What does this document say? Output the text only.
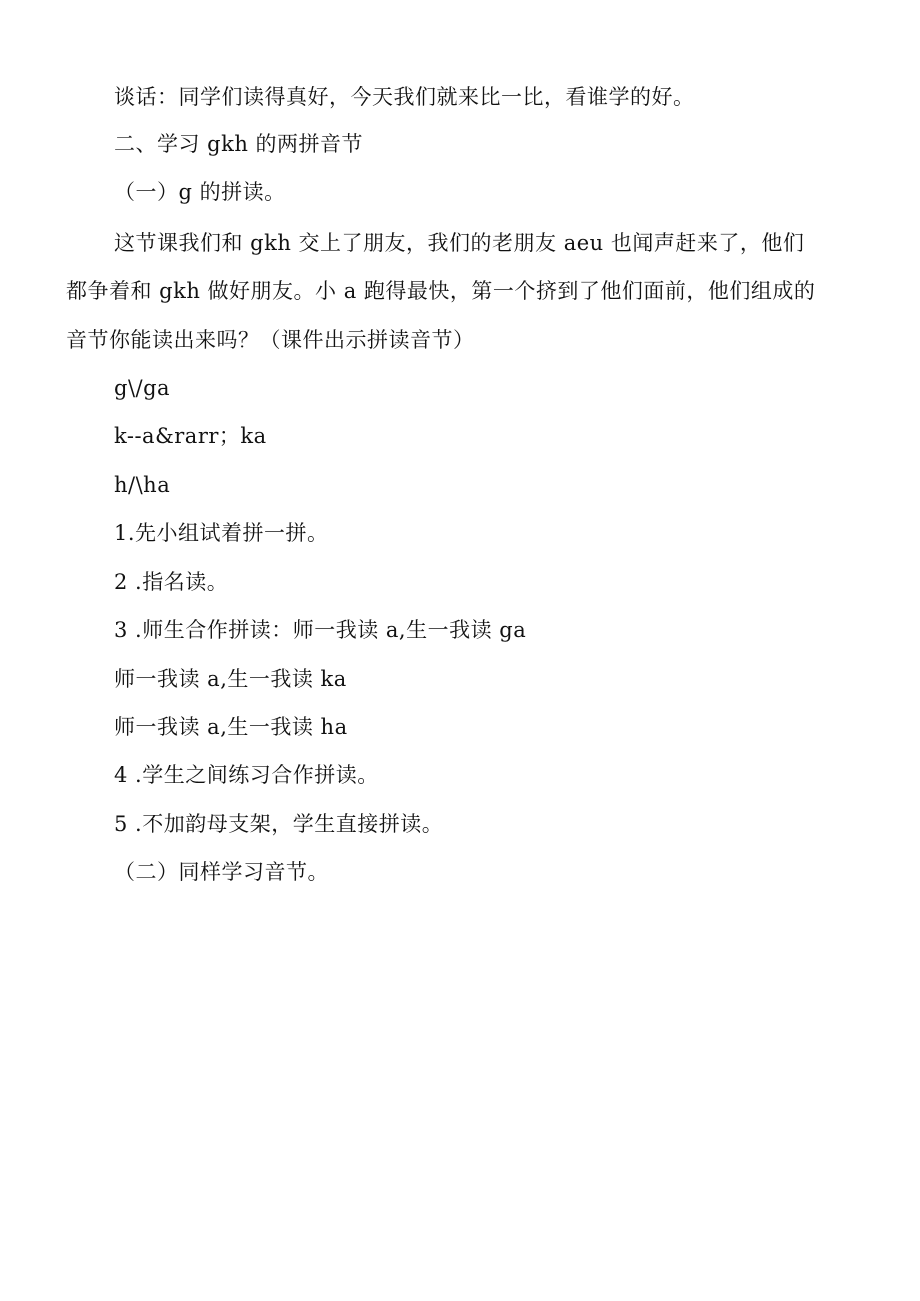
谈话：同学们读得真好，今天我们就来比一比，看谁学的好。
二、学习 gkh 的两拼音节
（一）g 的拼读。
这节课我们和 gkh 交上了朋友，我们的老朋友 aeu 也闻声赶来了，他们
都争着和 gkh 做好朋友。小 a 跑得最快，第一个挤到了他们面前，他们组成的
音节你能读出来吗？（课件出示拼读音节）
g\/ga
k--a&rarr；ka
h/\ha
1.先小组试着拼一拼。
2 .指名读。
3 .师生合作拼读：师一我读 a,生一我读 ga
师一我读 a,生一我读 ka
师一我读 a,生一我读 ha
4 .学生之间练习合作拼读。
5 .不加韵母支架，学生直接拼读。
（二）同样学习音节。
